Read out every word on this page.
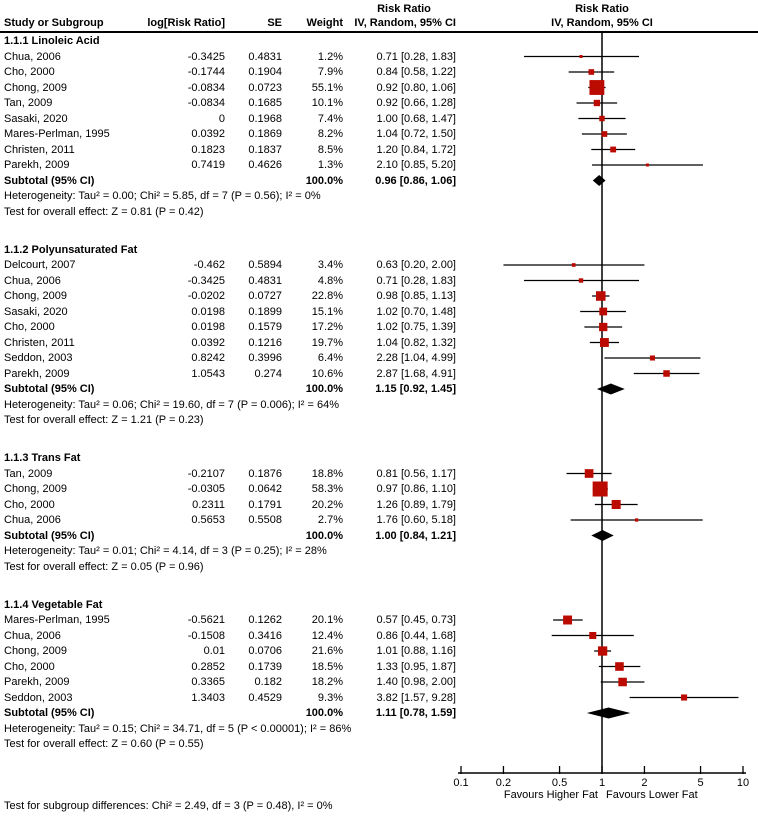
Risk Ratio	Risk Ratio
Study or Subgroup	log[Risk Ratio]	SE	Weight	IV, Random, 95% CI	IV, Random, 95% CI
1.1.1 Linoleic Acid
Chua, 2006	-0.3425	0.4831	1.2%	0.71 [0.28, 1.83]
Cho, 2000	-0.1744	0.1904	7.9%	0.84 [0.58, 1.22]
Chong, 2009	-0.0834	0.0723	55.1%	0.92 [0.80, 1.06]
Tan, 2009	-0.0834	0.1685	10.1%	0.92 [0.66, 1.28]
Sasaki, 2020	0	0.1968	7.4%	1.00 [0.68, 1.47]
Mares-Perlman, 1995	0.0392	0.1869	8.2%	1.04 [0.72, 1.50]
Christen, 2011	0.1823	0.1837	8.5%	1.20 [0.84, 1.72]
Parekh, 2009	0.7419	0.4626	1.3%	2.10 [0.85, 5.20]
Subtotal (95% CI)	100.0%	0.96 [0.86, 1.06]
Heterogeneity: Tau² = 0.00; Chi² = 5.85, df = 7 (P = 0.56); I² = 0%
Test for overall effect: Z = 0.81 (P = 0.42)
1.1.2 Polyunsaturated Fat
Delcourt, 2007	-0.462	0.5894	3.4%	0.63 [0.20, 2.00]
Chua, 2006	-0.3425	0.4831	4.8%	0.71 [0.28, 1.83]
Chong, 2009	-0.0202	0.0727	22.8%	0.98 [0.85, 1.13]
Sasaki, 2020	0.0198	0.1899	15.1%	1.02 [0.70, 1.48]
Cho, 2000	0.0198	0.1579	17.2%	1.02 [0.75, 1.39]
Christen, 2011	0.0392	0.1216	19.7%	1.04 [0.82, 1.32]
Seddon, 2003	0.8242	0.3996	6.4%	2.28 [1.04, 4.99]
Parekh, 2009	1.0543	0.274	10.6%	2.87 [1.68, 4.91]
Subtotal (95% CI)	100.0%	1.15 [0.92, 1.45]
Heterogeneity: Tau² = 0.06; Chi² = 19.60, df = 7 (P = 0.006); I² = 64%
Test for overall effect: Z = 1.21 (P = 0.23)
1.1.3 Trans Fat
Tan, 2009	-0.2107	0.1876	18.8%	0.81 [0.56, 1.17]
Chong, 2009	-0.0305	0.0642	58.3%	0.97 [0.86, 1.10]
Cho, 2000	0.2311	0.1791	20.2%	1.26 [0.89, 1.79]
Chua, 2006	0.5653	0.5508	2.7%	1.76 [0.60, 5.18]
Subtotal (95% CI)	100.0%	1.00 [0.84, 1.21]
Heterogeneity: Tau² = 0.01; Chi² = 4.14, df = 3 (P = 0.25); I² = 28%
Test for overall effect: Z = 0.05 (P = 0.96)
1.1.4 Vegetable Fat
Mares-Perlman, 1995	-0.5621	0.1262	20.1%	0.57 [0.45, 0.73]
Chua, 2006	-0.1508	0.3416	12.4%	0.86 [0.44, 1.68]
Chong, 2009	0.01	0.0706	21.6%	1.01 [0.88, 1.16]
Cho, 2000	0.2852	0.1739	18.5%	1.33 [0.95, 1.87]
Parekh, 2009	0.3365	0.182	18.2%	1.40 [0.98, 2.00]
Seddon, 2003	1.3403	0.4529	9.3%	3.82 [1.57, 9.28]
Subtotal (95% CI)	100.0%	1.11 [0.78, 1.59]
Heterogeneity: Tau² = 0.15; Chi² = 34.71, df = 5 (P < 0.00001); I² = 86%
Test for overall effect: Z = 0.60 (P = 0.55)
0.1	0.2	0.5	1	2	5	10
Favours Higher Fat Favours Lower Fat
Test for subgroup differences: Chi² = 2.49, df = 3 (P = 0.48), I² = 0%
